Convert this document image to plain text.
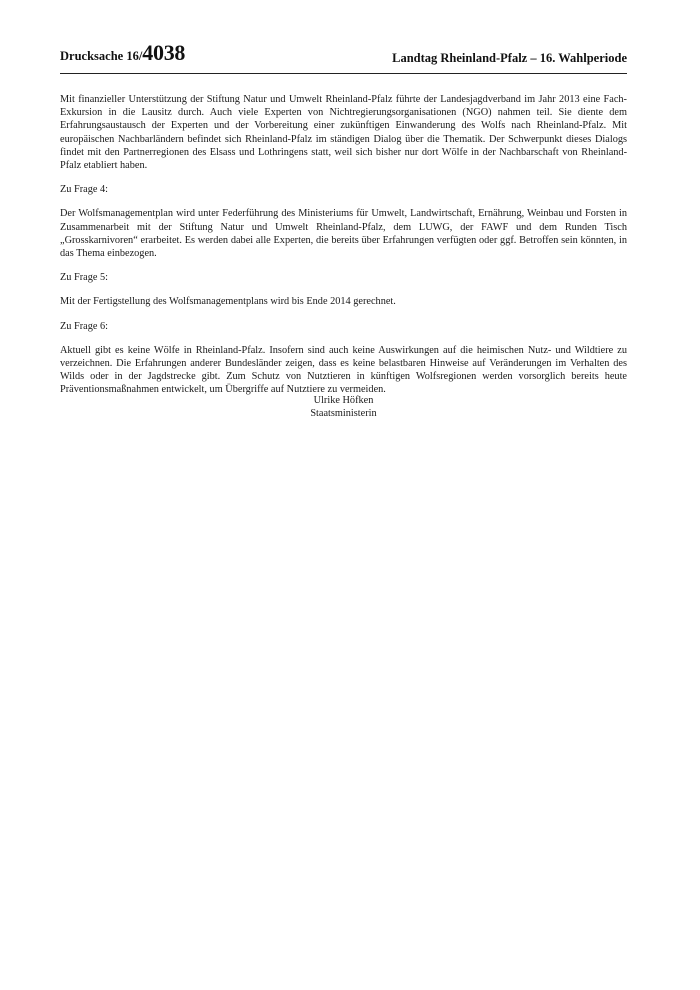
Drucksache 16/4038	Landtag Rheinland-Pfalz – 16. Wahlperiode

Mit finanzieller Unterstützung der Stiftung Natur und Umwelt Rheinland-Pfalz führte der Landesjagdverband im Jahr 2013 eine Fach-Exkursion in die Lausitz durch. Auch viele Experten von Nichtregierungsorganisationen (NGO) nahmen teil. Sie diente dem Erfahrungsaustausch der Experten und der Vorbereitung einer zukünftigen Einwanderung des Wolfs nach Rheinland-Pfalz. Mit europäischen Nachbarländern befindet sich Rheinland-Pfalz im ständigen Dialog über die Thematik. Der Schwerpunkt dieses Dialogs findet mit den Partnerregionen des Elsass und Lothringens statt, weil sich bisher nur dort Wölfe in der Nachbarschaft von Rheinland-Pfalz etabliert haben.

Zu Frage 4:

Der Wolfsmanagementplan wird unter Federführung des Ministeriums für Umwelt, Landwirtschaft, Ernährung, Weinbau und Forsten in Zusammenarbeit mit der Stiftung Natur und Umwelt Rheinland-Pfalz, dem LUWG, der FAWF und dem Runden Tisch „Grosskarnivoren“ erarbeitet. Es werden dabei alle Experten, die bereits über Erfahrungen verfügten oder ggf. Betroffen sein könnten, in das Thema einbezogen.

Zu Frage 5:

Mit der Fertigstellung des Wolfsmanagementplans wird bis Ende 2014 gerechnet.

Zu Frage 6:

Aktuell gibt es keine Wölfe in Rheinland-Pfalz. Insofern sind auch keine Auswirkungen auf die heimischen Nutz- und Wildtiere zu verzeichnen. Die Erfahrungen anderer Bundesländer zeigen, dass es keine belastbaren Hinweise auf Veränderungen im Verhalten des Wilds oder in der Jagdstrecke gibt. Zum Schutz von Nutztieren in künftigen Wolfsregionen werden vorsorglich bereits heute Präventionsmaßnahmen entwickelt, um Übergriffe auf Nutztiere zu vermeiden.

Ulrike Höfken
Staatsministerin
